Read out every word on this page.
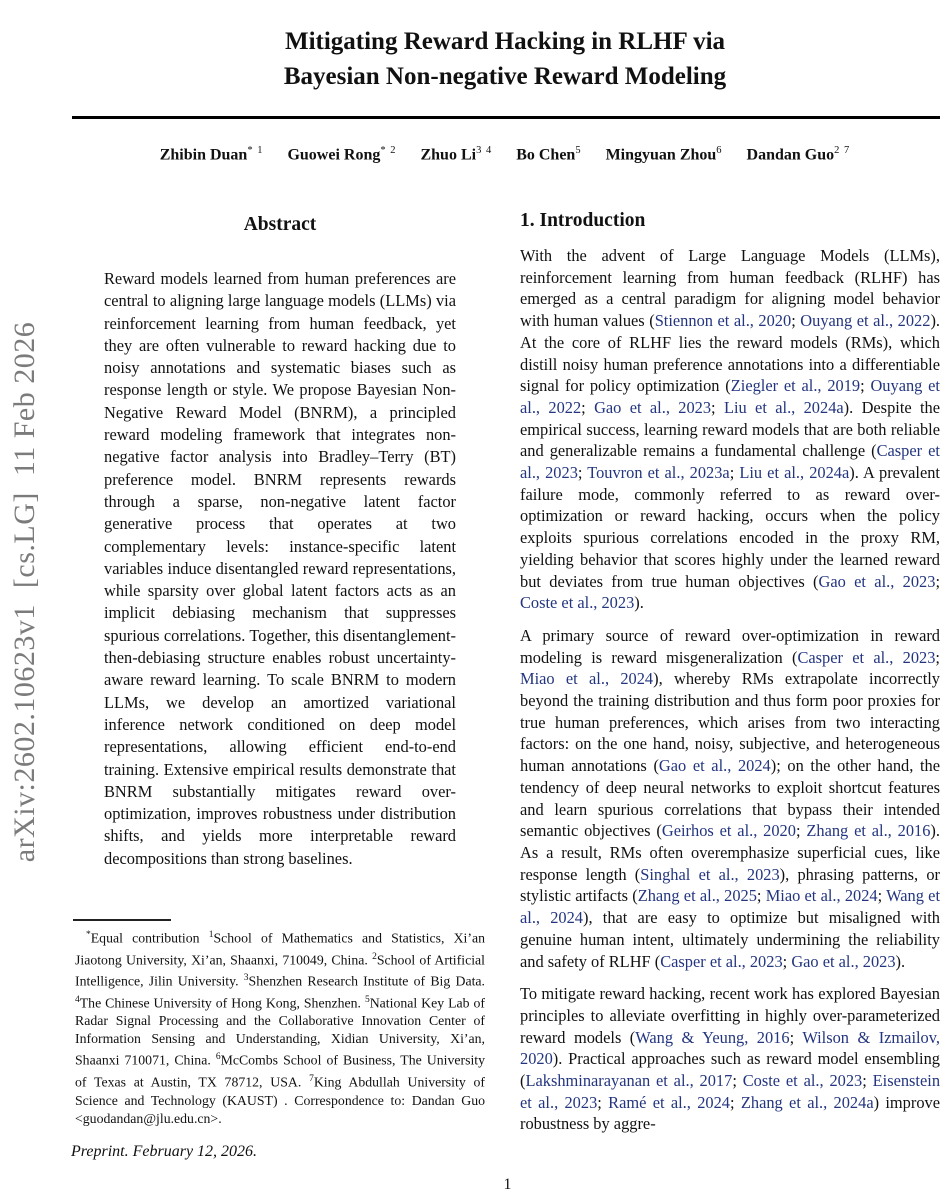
arXiv:2602.10623v1  [cs.LG]  11 Feb 2026
Mitigating Reward Hacking in RLHF via
Bayesian Non-negative Reward Modeling
Zhibin Duan$^{* 1}$ Guowei Rong$^{* 2}$ Zhuo $Li^{3 4}$ Bo Chen$^5$ Mingyuan Zhou$^6$ Dandan Guo$^{2 7}$
Abstract
Reward models learned from human preferences are central to aligning large language models (LLMs) via reinforcement learning from human feedback, yet they are often vulnerable to reward hacking due to noisy annotations and systematic biases such as response length or style. We propose Bayesian Non-Negative Reward Model (BNRM), a principled reward modeling framework that integrates non-negative factor analysis into Bradley–Terry (BT) preference model. BNRM represents rewards through a sparse, non-negative latent factor generative process that operates at two complementary levels: instance-specific latent variables induce disentangled reward representations, while sparsity over global latent factors acts as an implicit debiasing mechanism that suppresses spurious correlations. Together, this disentanglement-then-debiasing structure enables robust uncertainty-aware reward learning. To scale BNRM to modern LLMs, we develop an amortized variational inference network conditioned on deep model representations, allowing efficient end-to-end training. Extensive empirical results demonstrate that BNRM substantially mitigates reward over-optimization, improves robustness under distribution shifts, and yields more interpretable reward decompositions than strong baselines.
*Equal contribution $^1$School of Mathematics and Statistics, Xi’an Jiaotong University, Xi’an, Shaanxi, 710049, China. $^2$School of Artificial Intelligence, Jilin University. $^3$Shenzhen Research Institute of Big Data. $^4$The Chinese University of Hong Kong, Shenzhen. $^5$National Key Lab of Radar Signal Processing and the Collaborative Innovation Center of Information Sensing and Understanding, Xidian University, Xi’an, Shaanxi 710071, China. $^6$McCombs School of Business, The University of Texas at Austin, TX 78712, USA. $^7$King Abdullah University of Science and Technology (KAUST) . Correspondence to: Dandan Guo <guodandan@jlu.edu.cn>.
Preprint. February 12, 2026.
1. Introduction
With the advent of Large Language Models (LLMs), reinforcement learning from human feedback (RLHF) has emerged as a central paradigm for aligning model behavior with human values (Stiennon et al., 2020; Ouyang et al., 2022). At the core of RLHF lies the reward models (RMs), which distill noisy human preference annotations into a differentiable signal for policy optimization (Ziegler et al., 2019; Ouyang et al., 2022; Gao et al., 2023; Liu et al., 2024a). Despite the empirical success, learning reward models that are both reliable and generalizable remains a fundamental challenge (Casper et al., 2023; Touvron et al., 2023a; Liu et al., 2024a). A prevalent failure mode, commonly referred to as reward over-optimization or reward hacking, occurs when the policy exploits spurious correlations encoded in the proxy RM, yielding behavior that scores highly under the learned reward but deviates from true human objectives (Gao et al., 2023; Coste et al., 2023).
A primary source of reward over-optimization in reward modeling is reward misgeneralization (Casper et al., 2023; Miao et al., 2024), whereby RMs extrapolate incorrectly beyond the training distribution and thus form poor proxies for true human preferences, which arises from two interacting factors: on the one hand, noisy, subjective, and heterogeneous human annotations (Gao et al., 2024); on the other hand, the tendency of deep neural networks to exploit shortcut features and learn spurious correlations that bypass their intended semantic objectives (Geirhos et al., 2020; Zhang et al., 2016). As a result, RMs often overemphasize superficial cues, like response length (Singhal et al., 2023), phrasing patterns, or stylistic artifacts (Zhang et al., 2025; Miao et al., 2024; Wang et al., 2024), that are easy to optimize but misaligned with genuine human intent, ultimately undermining the reliability and safety of RLHF (Casper et al., 2023; Gao et al., 2023).
To mitigate reward hacking, recent work has explored Bayesian principles to alleviate overfitting in highly over-parameterized reward models (Wang & Yeung, 2016; Wilson & Izmailov, 2020). Practical approaches such as reward model ensembling (Lakshminarayanan et al., 2017; Coste et al., 2023; Eisenstein et al., 2023; Ramé et al., 2024; Zhang et al., 2024a) improve robustness by aggre-
1
